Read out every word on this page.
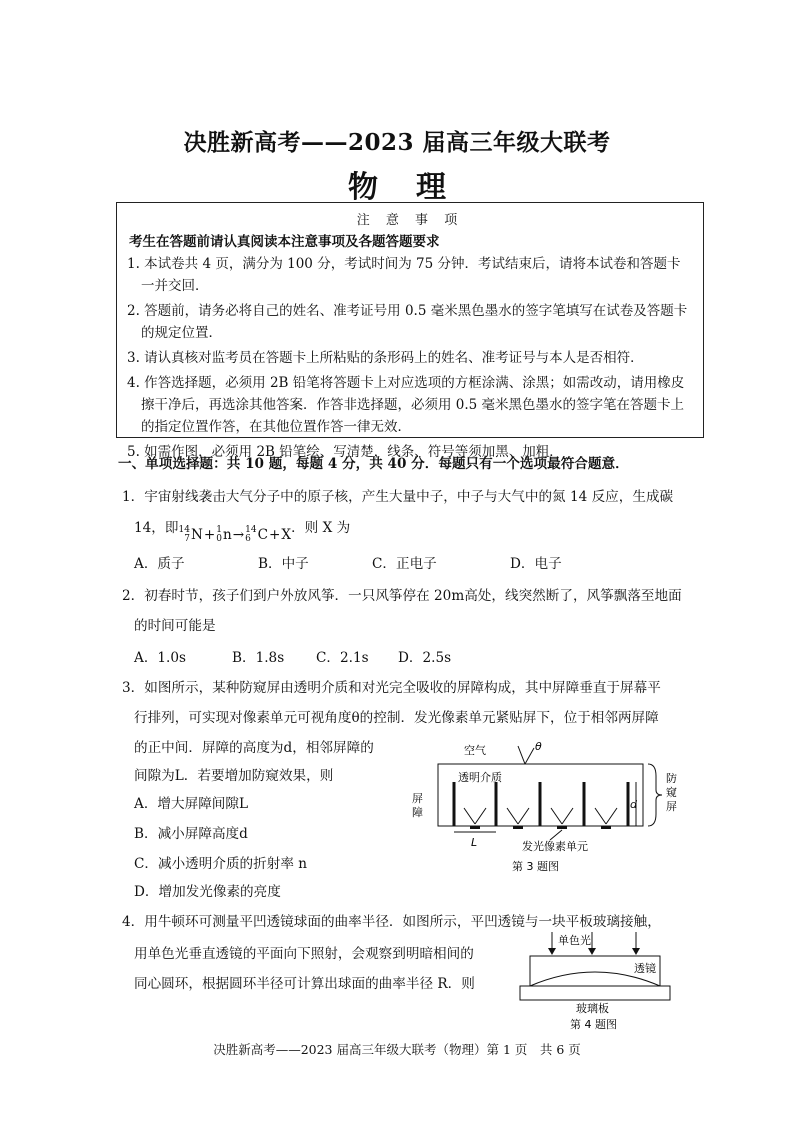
决胜新高考——2023 届高三年级大联考
物理
注 意 事 项
考生在答题前请认真阅读本注意事项及各题答题要求
1. 本试卷共 4 页，满分为 100 分，考试时间为 75 分钟．考试结束后，请将本试卷和答题卡一并交回．
2. 答题前，请务必将自己的姓名、准考证号用 0.5 毫米黑色墨水的签字笔填写在试卷及答题卡的规定位置．
3. 请认真核对监考员在答题卡上所粘贴的条形码上的姓名、准考证号与本人是否相符．
4. 作答选择题，必须用 2B 铅笔将答题卡上对应选项的方框涂满、涂黑；如需改动，请用橡皮擦干净后，再选涂其他答案．作答非选择题，必须用 0.5 毫米黑色墨水的签字笔在答题卡上的指定位置作答，在其他位置作答一律无效．
5. 如需作图，必须用 2B 铅笔绘、写清楚，线条、符号等须加黑、加粗．
一、单项选择题：共 10 题，每题 4 分，共 40 分．每题只有一个选项最符合题意．
1．宇宙射线袭击大气分子中的原子核，产生大量中子，中子与大气中的氮 14 反应，生成碳
14，即 14
7 N + 1
0 n → 14
6 C + X ．则 X 为
A．质子	B．中子	C．正电子	D．电子
2．初春时节，孩子们到户外放风筝．一只风筝停在 20m高处，线突然断了，风筝飘落至地面
的时间可能是
A．1.0s	B．1.8s C．2.1s D．2.5s
3．如图所示，某种防窥屏由透明介质和对光完全吸收的屏障构成，其中屏障垂直于屏幕平
行排列，可实现对像素单元可视角度θ的控制．发光像素单元紧贴屏下，位于相邻两屏障
的正中间．屏障的高度为d，相邻屏障的
间隙为L．若要增加防窥效果，则
A．增大屏障间隙L
B．减小屏障高度d
C．减小透明介质的折射率 n
D．增加发光像素的亮度
空气	θ
透明介质
屏
障
d
防
窥
屏
L	发光像素单元
第 3 题图
4．用牛顿环可测量平凹透镜球面的曲率半径．如图所示，平凹透镜与一块平板玻璃接触，
用单色光垂直透镜的平面向下照射，会观察到明暗相间的
同心圆环，根据圆环半径可计算出球面的曲率半径 R．则
单色光
透镜
玻璃板
第 4 题图
决胜新高考——2023 届高三年级大联考（物理）第 1 页　共 6 页
